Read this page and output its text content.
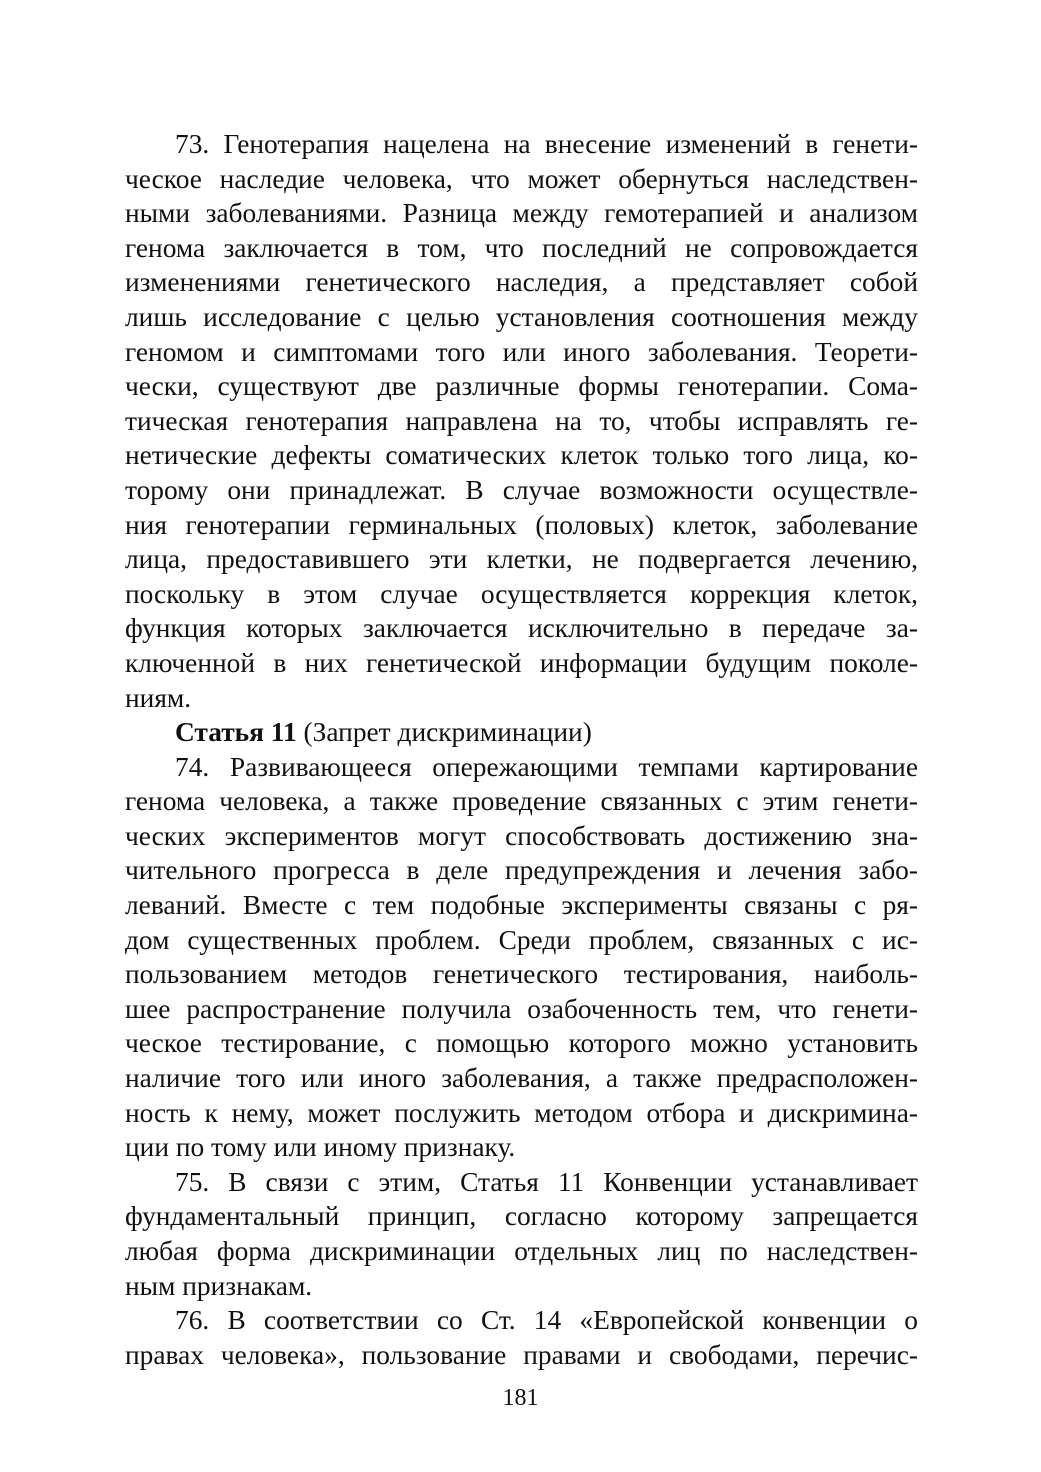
73. Генотерапия нацелена на внесение изменений в генети-
ческое наследие человека, что может обернуться наследствен-
ными заболеваниями. Разница между гемотерапией и анализом
генома заключается в том, что последний не сопровождается
изменениями генетического наследия, а представляет собой
лишь исследование с целью установления соотношения между
геномом и симптомами того или иного заболевания. Теорети-
чески, существуют две различные формы генотерапии. Сома-
тическая генотерапия направлена на то, чтобы исправлять ге-
нетические дефекты соматических клеток только того лица, ко-
торому они принадлежат. В случае возможности осуществле-
ния генотерапии герминальных (половых) клеток, заболевание
лица, предоставившего эти клетки, не подвергается лечению,
поскольку в этом случае осуществляется коррекция клеток,
функция которых заключается исключительно в передаче за-
ключенной в них генетической информации будущим поколе-
ниям.
Статья 11 (Запрет дискриминации)
74. Развивающееся опережающими темпами картирование
генома человека, а также проведение связанных с этим генети-
ческих экспериментов могут способствовать достижению зна-
чительного прогресса в деле предупреждения и лечения забо-
леваний. Вместе с тем подобные эксперименты связаны с ря-
дом существенных проблем. Среди проблем, связанных с ис-
пользованием методов генетического тестирования, наиболь-
шее распространение получила озабоченность тем, что генети-
ческое тестирование, с помощью которого можно установить
наличие того или иного заболевания, а также предрасположен-
ность к нему, может послужить методом отбора и дискримина-
ции по тому или иному признаку.
75. В связи с этим, Статья 11 Конвенции устанавливает
фундаментальный принцип, согласно которому запрещается
любая форма дискриминации отдельных лиц по наследствен-
ным признакам.
76. В соответствии со Ст. 14 «Европейской конвенции о
правах человека», пользование правами и свободами, перечис-
181
